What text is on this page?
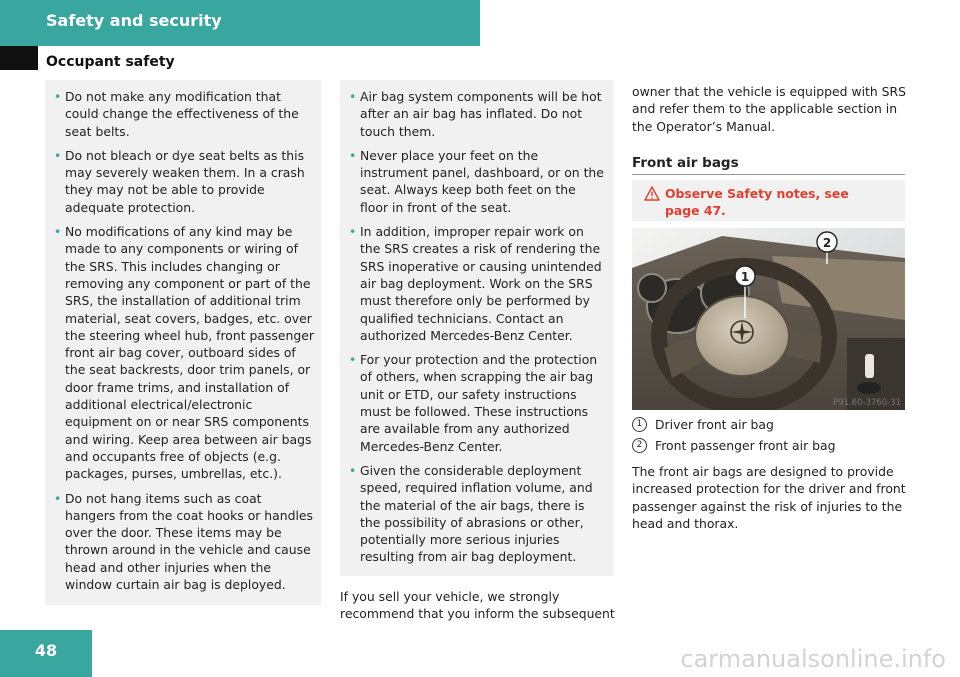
Safety and security
Occupant safety
• Do not make any modification that could change the effectiveness of the seat belts.
• Do not bleach or dye seat belts as this may severely weaken them. In a crash they may not be able to provide adequate protection.
• No modifications of any kind may be made to any components or wiring of the SRS. This includes changing or removing any component or part of the SRS, the installation of additional trim material, seat covers, badges, etc. over the steering wheel hub, front passenger front air bag cover, outboard sides of the seat backrests, door trim panels, or door frame trims, and installation of additional electrical/electronic equipment on or near SRS components and wiring. Keep area between air bags and occupants free of objects (e.g. packages, purses, umbrellas, etc.).
• Do not hang items such as coat hangers from the coat hooks or handles over the door. These items may be thrown around in the vehicle and cause head and other injuries when the window curtain air bag is deployed.
• Air bag system components will be hot after an air bag has inflated. Do not touch them.
• Never place your feet on the instrument panel, dashboard, or on the seat. Always keep both feet on the floor in front of the seat.
• In addition, improper repair work on the SRS creates a risk of rendering the SRS inoperative or causing unintended air bag deployment. Work on the SRS must therefore only be performed by qualified technicians. Contact an authorized Mercedes-Benz Center.
• For your protection and the protection of others, when scrapping the air bag unit or ETD, our safety instructions must be followed. These instructions are available from any authorized Mercedes-Benz Center.
• Given the considerable deployment speed, required inflation volume, and the material of the air bags, there is the possibility of abrasions or other, potentially more serious injuries resulting from air bag deployment.

If you sell your vehicle, we strongly recommend that you inform the subsequent

owner that the vehicle is equipped with SRS and refer them to the applicable section in the Operator’s Manual.

Front air bags
Observe Safety notes, see page 47.
1
2
P91.60-3760-31
1	Driver front air bag
2	Front passenger front air bag

The front air bags are designed to provide increased protection for the driver and front passenger against the risk of injuries to the head and thorax.

48	carmanualsonline.info
